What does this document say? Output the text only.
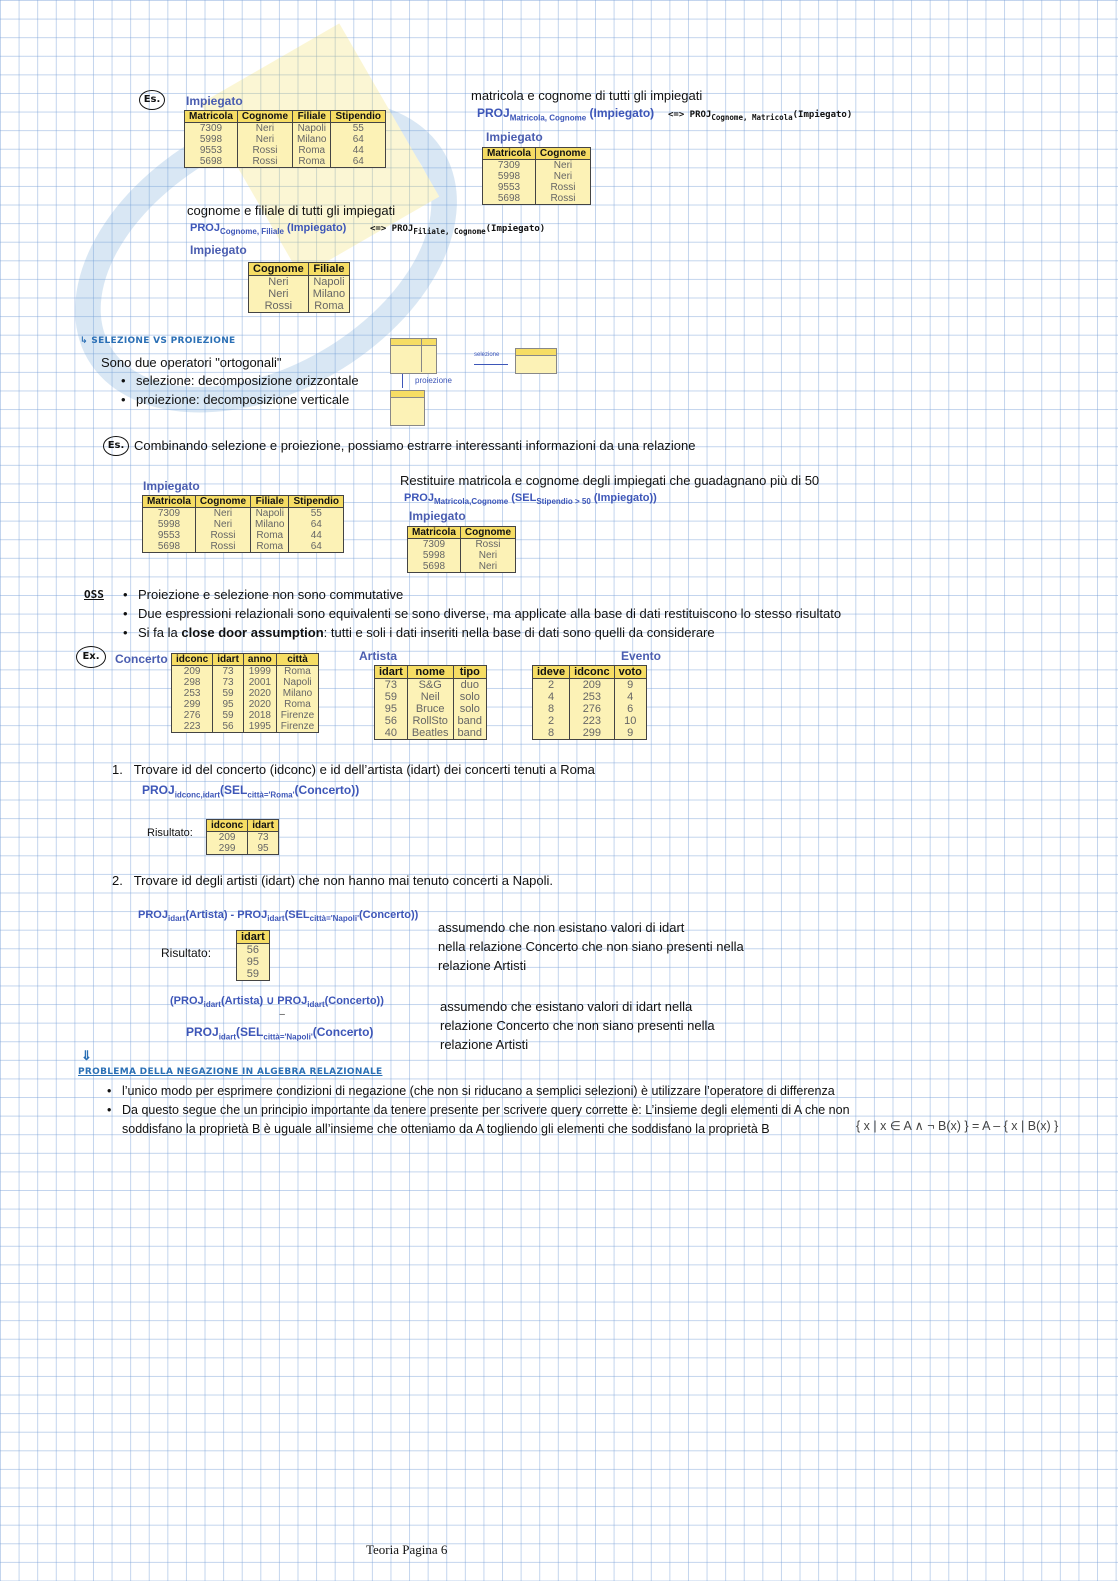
Es.	Impiegato
Matricola	Cognome	Filiale	Stipendio
7309	Neri	Napoli	55
5998	Neri	Milano	64
9553	Rossi	Roma	44
5698	Rossi	Roma	64
matricola e cognome di tutti gli impiegati
$PROJ_{Matricola, Cognome}$ (Impiegato) <=> $PROJ_{Cognome, Matricola}(Impiegato)$
Impiegato
Matricola	Cognome
7309	Neri
5998	Neri
9553	Rossi
5698	Rossi
cognome e filiale di tutti gli impiegati
$PROJ_{Cognome, Filiale}$ (Impiegato)	<=> $PROJ_{Filiale, Cognome}(Impiegato)$
Impiegato
Cognome	Filiale
Neri	Napoli
Neri	Milano
Rossi	Roma
↳ SELEZIONE VS PROIEZIONE
Sono due operatori "ortogonali"
• selezione: decomposizione orizzontale
• proiezione: decomposizione verticale
selezione
proiezione
Es. Combinando selezione e proiezione, possiamo estrarre interessanti informazioni da una relazione
Impiegato
Matricola	Cognome	Filiale	Stipendio
7309	Neri	Napoli	55
5998	Neri	Milano	64
9553	Rossi	Roma	44
5698	Rossi	Roma	64
Restituire matricola e cognome degli impiegati che guadagnano più di 50
$PROJ_{Matricola,Cognome}$ ($SEL_{Stipendio > 50}$ (Impiegato))
Impiegato
Matricola	Cognome
7309	Rossi
5998	Neri
5698	Neri
OSS	• Proiezione e selezione non sono commutative
• Due espressioni relazionali sono equivalenti se sono diverse, ma applicate alla base di dati restituiscono lo stesso risultato
• Si fa la close door assumption: tutti e soli i dati inseriti nella base di dati sono quelli da considerare
Ex.	Concerto idconc	idart	anno	città
209	73	1999	Roma
298	73	2001	Napoli
253	59	2020	Milano
299	95	2020	Roma
276	59	2018	Firenze
223	56	1995	Firenze
Artista
idart	nome	tipo
73	S&G	duo
59	Neil	solo
95	Bruce	solo
56	RollSto	band
40	Beatles	band
Evento
ideve	idconc	voto
2	209	9
4	253	4
8	276	6
2	223	10
8	299	9
1. Trovare id del concerto (idconc) e id dell’artista (idart) dei concerti tenuti a Roma
$PROJ_{idconc,idart}(SEL_{città='Roma'}(Concerto))$
Risultato:
idconc	idart
209	73
299	95
2. Trovare id degli artisti (idart) che non hanno mai tenuto concerti a Napoli.
$PROJ_{idart}(Artista)$ - $PROJ_{idart}(SEL_{città='Napoli'}(Concerto))$
Risultato:
idart
56
95
59
assumendo che non esistano valori di idart
nella relazione Concerto che non siano presenti nella
relazione Artisti
($PROJ_{idart}(Artista)$ ∪ $PROJ_{idart}(Concerto)$)
−
$PROJ_{idart}(SEL_{città='Napoli'}(Concerto)$
assumendo che esistano valori di idart nella
relazione Concerto che non siano presenti nella
relazione Artisti
⇓
PROBLEMA DELLA NEGAZIONE IN ALGEBRA RELAZIONALE
• l’unico modo per esprimere condizioni di negazione (che non si riducano a semplici selezioni) è utilizzare l’operatore di differenza
• Da questo segue che un principio importante da tenere presente per scrivere query corrette è: L’insieme degli elementi di A che non
soddisfano la proprietà B è uguale all’insieme che otteniamo da A togliendo gli elementi che soddisfano la proprietà B	{ x | x ∈ A ∧ ¬ B(x) } = A – { x | B(x) }
Teoria Pagina 6
